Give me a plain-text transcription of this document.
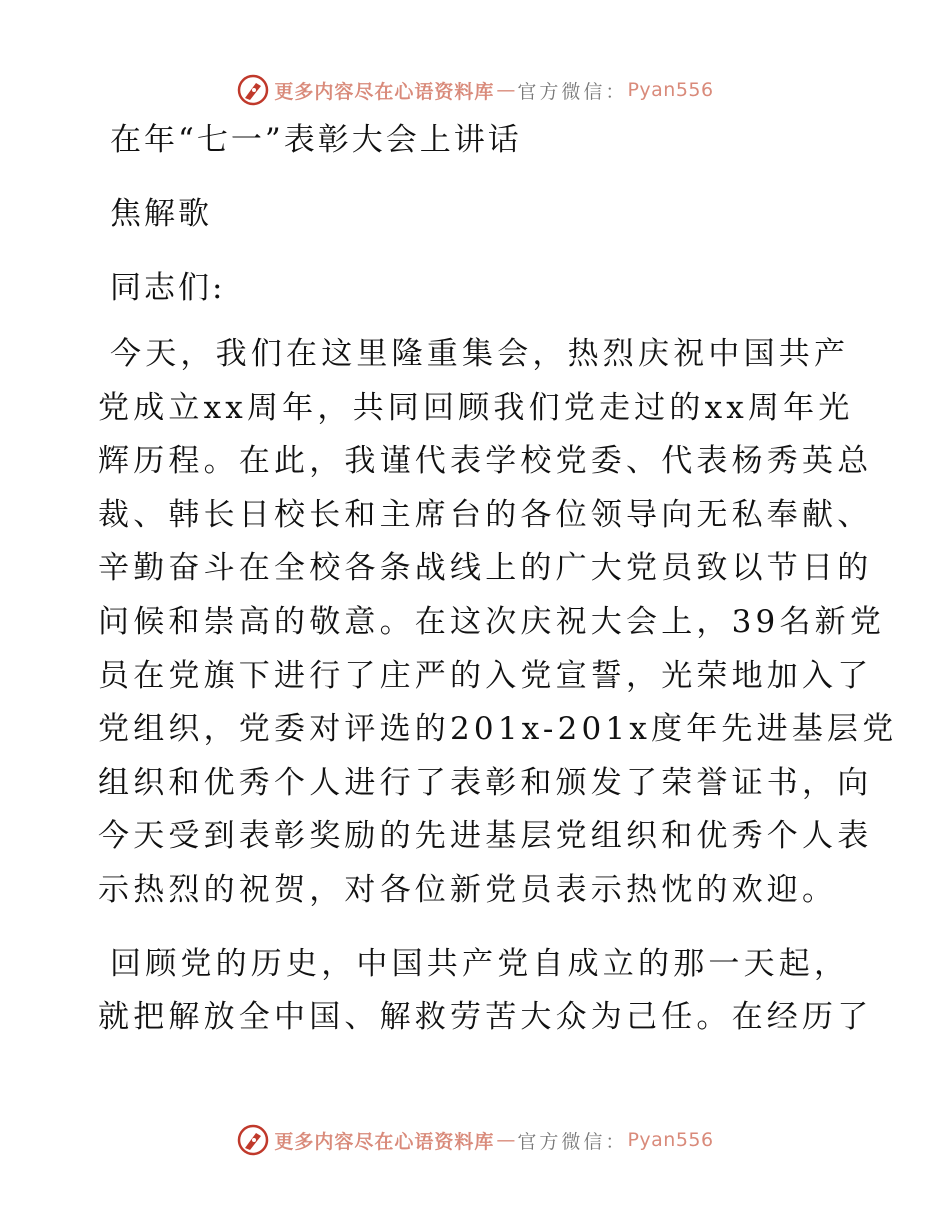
更多内容尽在心语资料库 — 官方微信： Pyan556
在年“七一”表彰大会上讲话
焦解歌
同志们:
今天，我们在这里隆重集会，热烈庆祝中国共产
党成立xx周年，共同回顾我们党走过的xx周年光
辉历程。在此，我谨代表学校党委、代表杨秀英总
裁、韩长日校长和主席台的各位领导向无私奉献、
辛勤奋斗在全校各条战线上的广大党员致以节日的
问候和崇高的敬意。在这次庆祝大会上，39名新党
员在党旗下进行了庄严的入党宣誓，光荣地加入了
党组织，党委对评选的201x-201x度年先进基层党
组织和优秀个人进行了表彰和颁发了荣誉证书，向
今天受到表彰奖励的先进基层党组织和优秀个人表
示热烈的祝贺，对各位新党员表示热忱的欢迎。
回顾党的历史，中国共产党自成立的那一天起，
就把解放全中国、解救劳苦大众为己任。在经历了
更多内容尽在心语资料库 — 官方微信： Pyan556
